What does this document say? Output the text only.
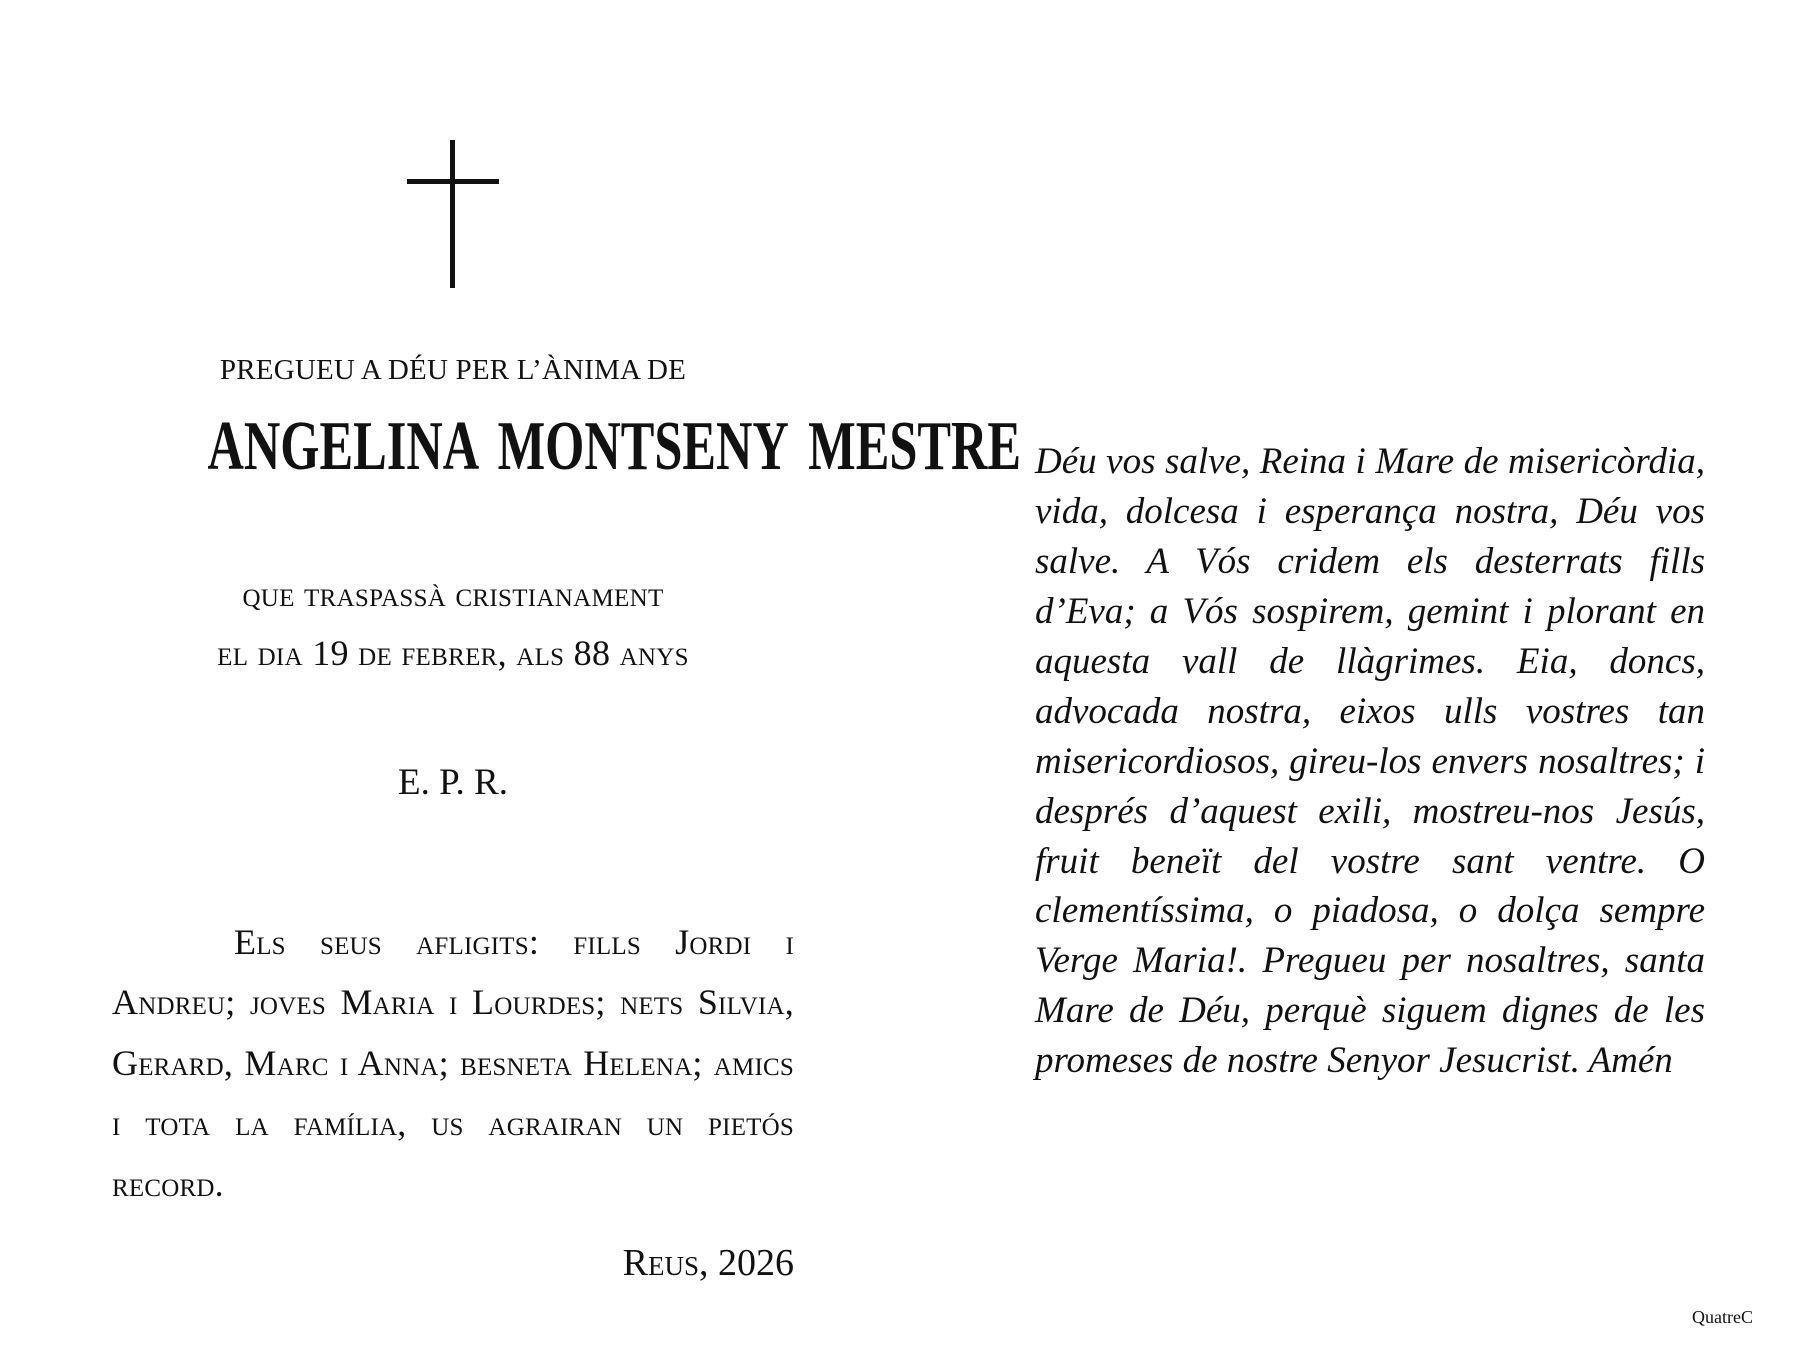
PREGUEU A DÉU PER L’ÀNIMA DE
ANGELINA MONTSENY MESTRE
que traspassà cristianament
el dia 19 de febrer, als 88 anys
E. P. R.
Els seus afligits: fills Jordi i Andreu; joves Maria i Lourdes; nets Silvia, Gerard, Marc i Anna; besneta Helena; amics i tota la família, us agrairan un pietós record.
Reus, 2026
Déu vos salve, Reina i Mare de misericòrdia, vida, dolcesa i esperança nostra, Déu vos salve. A Vós cridem els desterrats fills d’Eva; a Vós sospirem, gemint i plorant en aquesta vall de llàgrimes. Eia, doncs, advocada nostra, eixos ulls vostres tan misericordiosos, gireu-los envers nosaltres; i després d’aquest exili, mostreu-nos Jesús, fruit beneït del vostre sant ventre. O clementíssima, o piadosa, o dolça sempre Verge Maria!. Pregueu per nosaltres, santa Mare de Déu, perquè siguem dignes de les promeses de nostre Senyor Jesucrist. Amén
QuatreC
